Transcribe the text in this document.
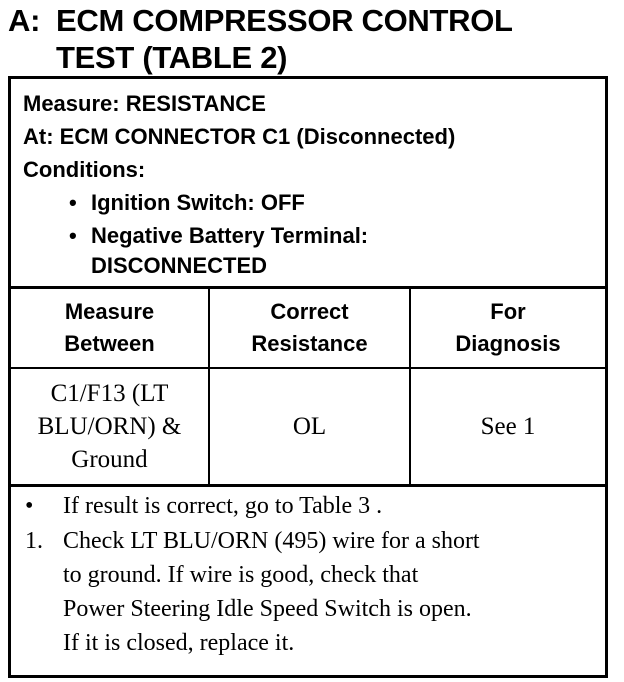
A: ECM COMPRESSOR CONTROL
TEST (TABLE 2)
Measure: RESISTANCE
At: ECM CONNECTOR C1 (Disconnected)
Conditions:
• Ignition Switch: OFF
• Negative Battery Terminal:
DISCONNECTED
Measure
Between
Correct
Resistance
For
Diagnosis
C1/F13 (LT
BLU/ORN) &
Ground
OL	See 1
• If result is correct, go to Table 3 .
1. Check LT BLU/ORN (495) wire for a short
to ground. If wire is good, check that
Power Steering Idle Speed Switch is open.
If it is closed, replace it.
